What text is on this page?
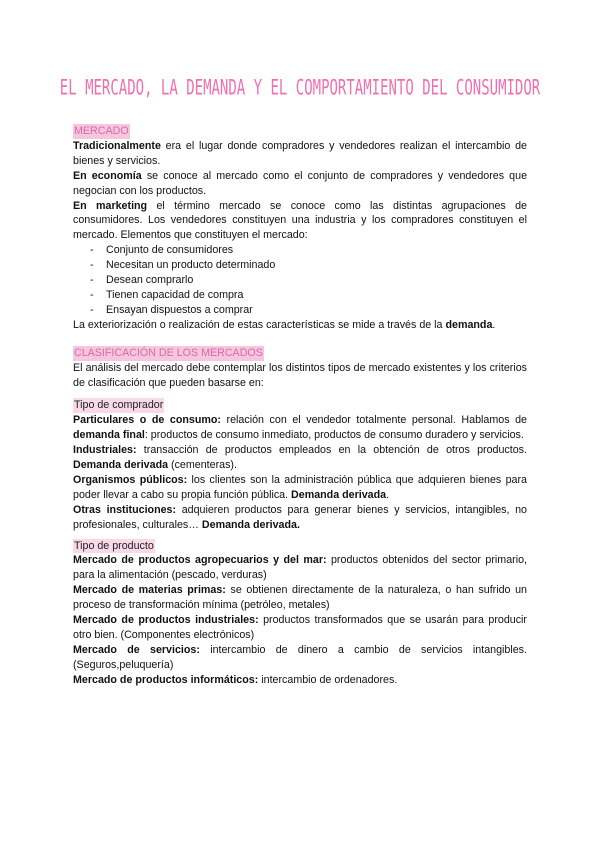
EL MERCADO, LA DEMANDA Y EL COMPORTAMIENTO DEL CONSUMIDOR

MERCADO

Tradicionalmente era el lugar donde compradores y vendedores realizan el intercambio de bienes y servicios.

En economía se conoce al mercado como el conjunto de compradores y vendedores que negocian con los productos.

En marketing el término mercado se conoce como las distintas agrupaciones de consumidores. Los vendedores constituyen una industria y los compradores constituyen el mercado. Elementos que constituyen el mercado:

- Conjunto de consumidores
- Necesitan un producto determinado
- Desean comprarlo
- Tienen capacidad de compra
- Ensayan dispuestos a comprar

La exteriorización o realización de estas características se mide a través de la demanda.

CLASIFICACIÓN DE LOS MERCADOS

El análisis del mercado debe contemplar los distintos tipos de mercado existentes y los criterios de clasificación que pueden basarse en:

Tipo de comprador

Particulares o de consumo: relación con el vendedor totalmente personal. Hablamos de demanda final: productos de consumo inmediato, productos de consumo duradero y servicios.

Industriales: transacción de productos empleados en la obtención de otros productos. Demanda derivada (cementeras).

Organismos públicos: los clientes son la administración pública que adquieren bienes para poder llevar a cabo su propia función pública. Demanda derivada.

Otras instituciones: adquieren productos para generar bienes y servicios, intangibles, no profesionales, culturales… Demanda derivada.

Tipo de producto

Mercado de productos agropecuarios y del mar: productos obtenidos del sector primario, para la alimentación (pescado, verduras)

Mercado de materias primas: se obtienen directamente de la naturaleza, o han sufrido un proceso de transformación mínima (petróleo, metales)

Mercado de productos industriales: productos transformados que se usarán para producir otro bien. (Componentes electrónicos)

Mercado de servicios: intercambio de dinero a cambio de servicios intangibles. (Seguros,peluquería)

Mercado de productos informáticos: intercambio de ordenadores.
